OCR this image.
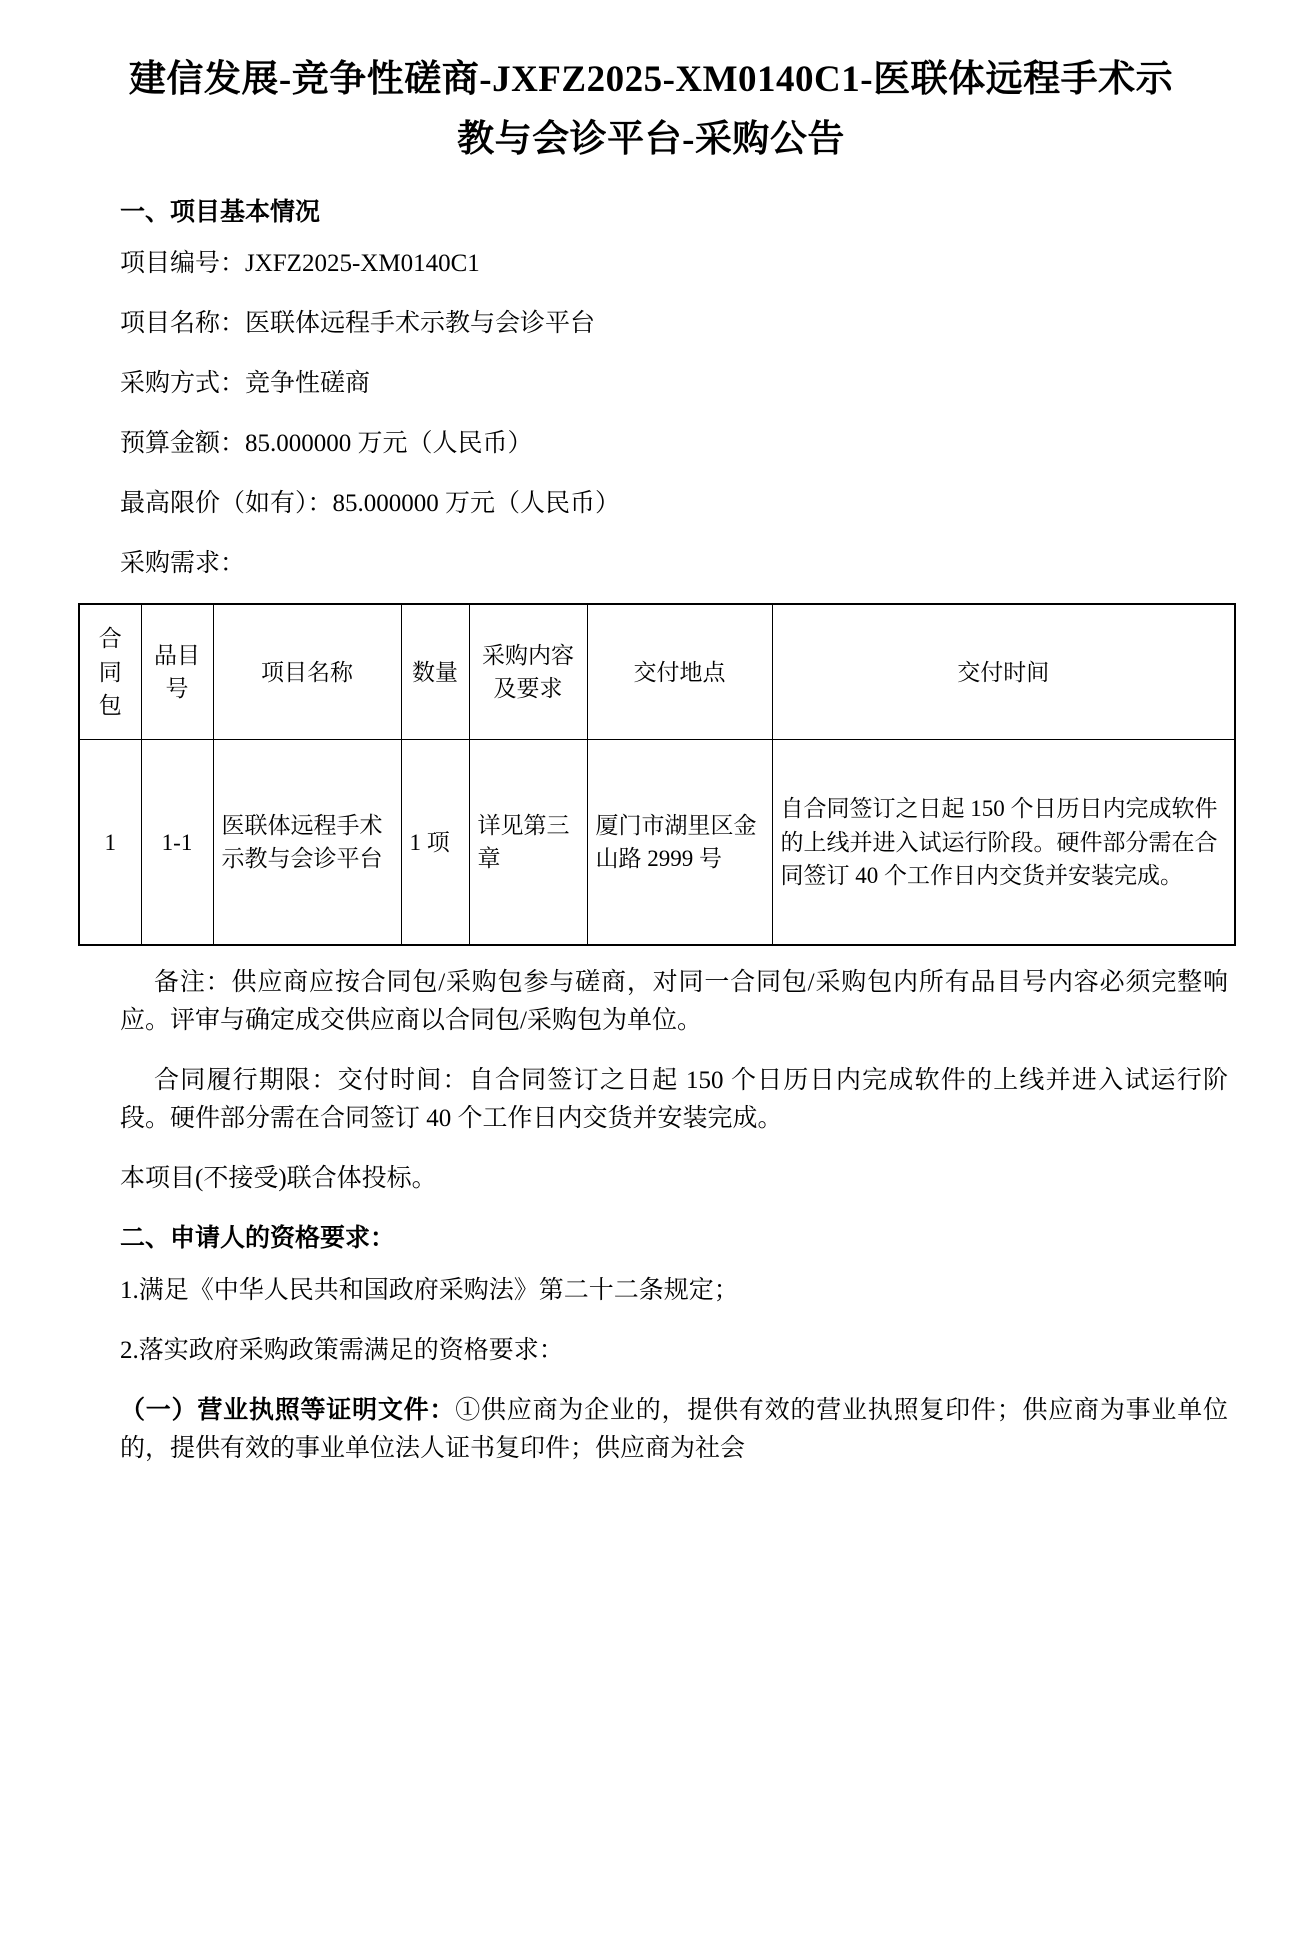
建信发展-竞争性磋商-JXFZ2025-XM0140C1-医联体远程手术示教与会诊平台-采购公告
一、项目基本情况

项目编号：JXFZ2025-XM0140C1

项目名称：医联体远程手术示教与会诊平台

采购方式：竞争性磋商

预算金额：85.000000 万元（人民币）

最高限价（如有）：85.000000 万元（人民币）

采购需求：

合同包	品目号	项目名称	数量	采购内容及要求	交付地点	交付时间
1	1-1	医联体远程手术示教与会诊平台	1 项	详见第三章	厦门市湖里区金山路 2999 号	自合同签订之日起 150 个日历日内完成软件的上线并进入试运行阶段。硬件部分需在合同签订 40 个工作日内交货并安装完成。

备注：供应商应按合同包/采购包参与磋商，对同一合同包/采购包内所有品目号内容必须完整响应。评审与确定成交供应商以合同包/采购包为单位。

合同履行期限：交付时间：自合同签订之日起 150 个日历日内完成软件的上线并进入试运行阶段。硬件部分需在合同签订 40 个工作日内交货并安装完成。

本项目(不接受)联合体投标。

二、申请人的资格要求：

1.满足《中华人民共和国政府采购法》第二十二条规定；

2.落实政府采购政策需满足的资格要求：

（一）营业执照等证明文件：①供应商为企业的，提供有效的营业执照复印件；供应商为事业单位的，提供有效的事业单位法人证书复印件；供应商为社会
